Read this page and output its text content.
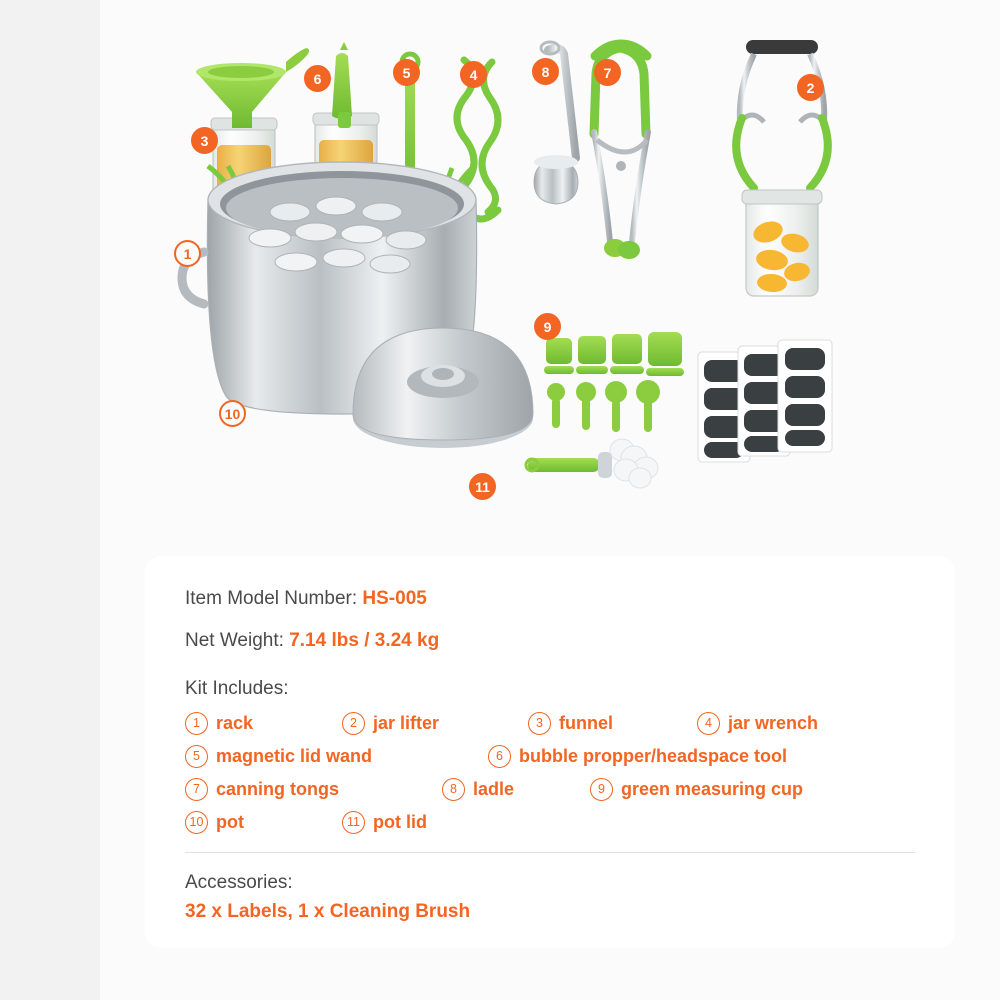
1
2
3
4
5
6	7
8
9
10
11
Item Model Number: HS-005
Net Weight: 7.14 lbs / 3.24 kg
Kit Includes:
1 rack	2 jar lifter	3 funnel	4 jar wrench
5 magnetic lid wand	6 bubble propper/headspace tool
7 canning tongs	8 ladle	9 green measuring cup
10 pot	11 pot lid
Accessories:
32 x Labels, 1 x Cleaning Brush
